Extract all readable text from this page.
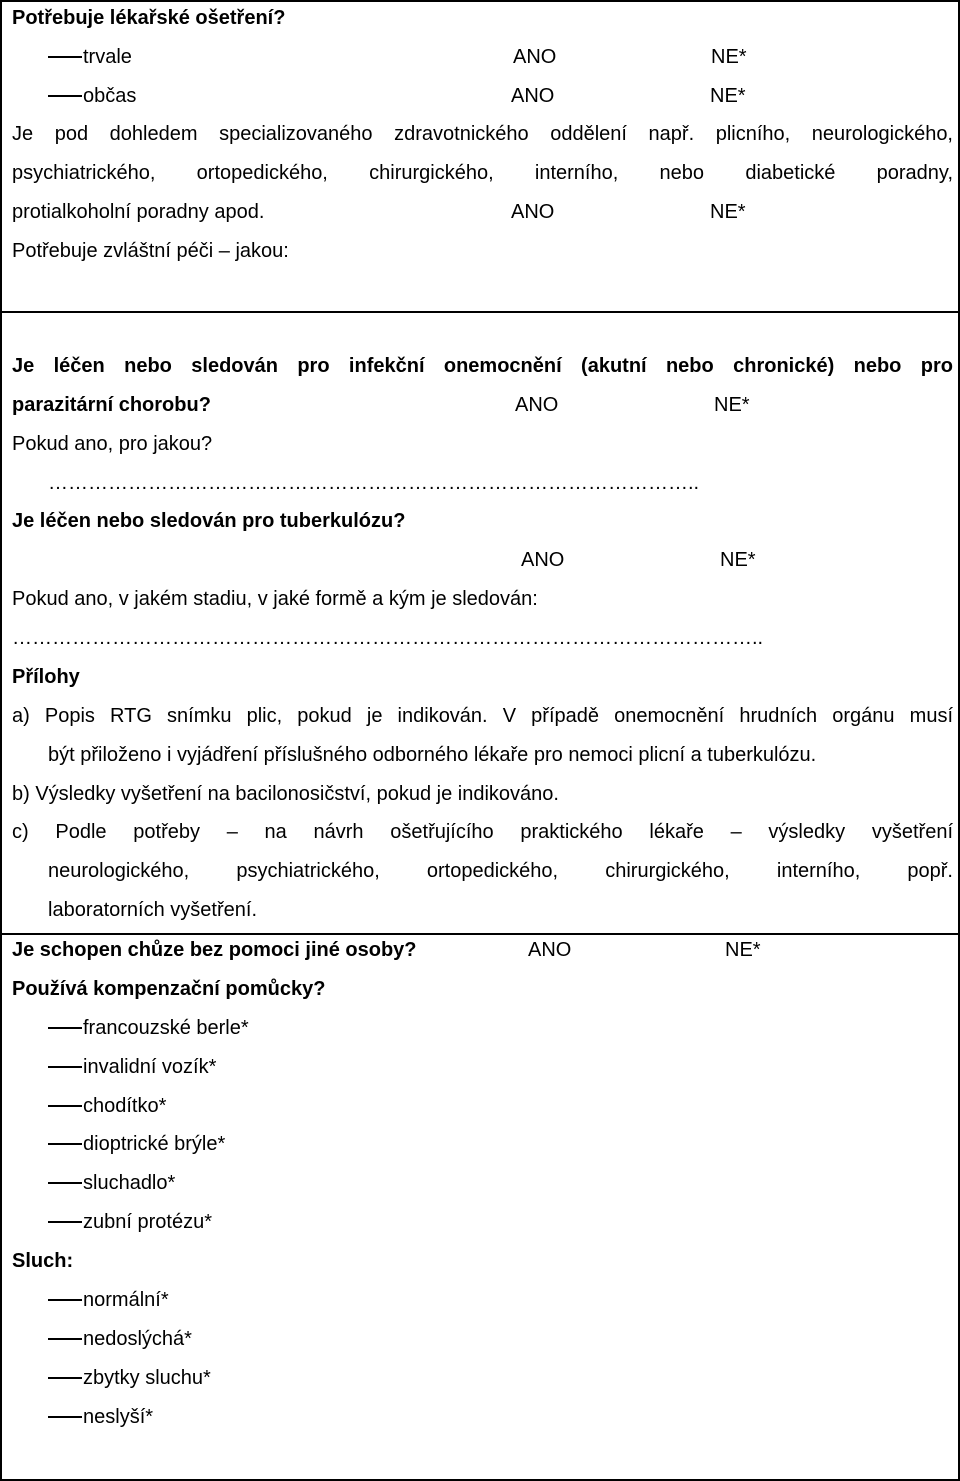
Potřebuje lékařské ošetření?
trvale	ANO	NE*
občas	ANO	NE*
Je pod dohledem specializovaného zdravotnického oddělení např. plicního, neurologického,
psychiatrického, ortopedického, chirurgického, interního, nebo diabetické poradny,
protialkoholní poradny apod.	ANO	NE*
Potřebuje zvláštní péči – jakou:
Je léčen nebo sledován pro infekční onemocnění (akutní nebo chronické) nebo pro
parazitární chorobu?	ANO	NE*
Pokud ano, pro jakou?
……………………………………………………………………………………..
Je léčen nebo sledován pro tuberkulózu?
ANO	NE*
Pokud ano, v jakém stadiu, v jaké formě a kým je sledován:
…………………………………………………………………………………………………..
Přílohy
a) Popis RTG snímku plic, pokud je indikován. V případě onemocnění hrudních orgánu musí
být přiloženo i vyjádření příslušného odborného lékaře pro nemoci plicní a tuberkulózu.
b) Výsledky vyšetření na bacilonosičství, pokud je indikováno.
c) Podle potřeby – na návrh ošetřujícího praktického lékaře – výsledky vyšetření
neurologického, psychiatrického, ortopedického, chirurgického, interního, popř.
laboratorních vyšetření.
Je schopen chůze bez pomoci jiné osoby?	ANO	NE*
Používá kompenzační pomůcky?
francouzské berle*
invalidní vozík*
chodítko*
dioptrické brýle*
sluchadlo*
zubní protézu*
Sluch:
normální*
nedoslýchá*
zbytky sluchu*
neslyší*
